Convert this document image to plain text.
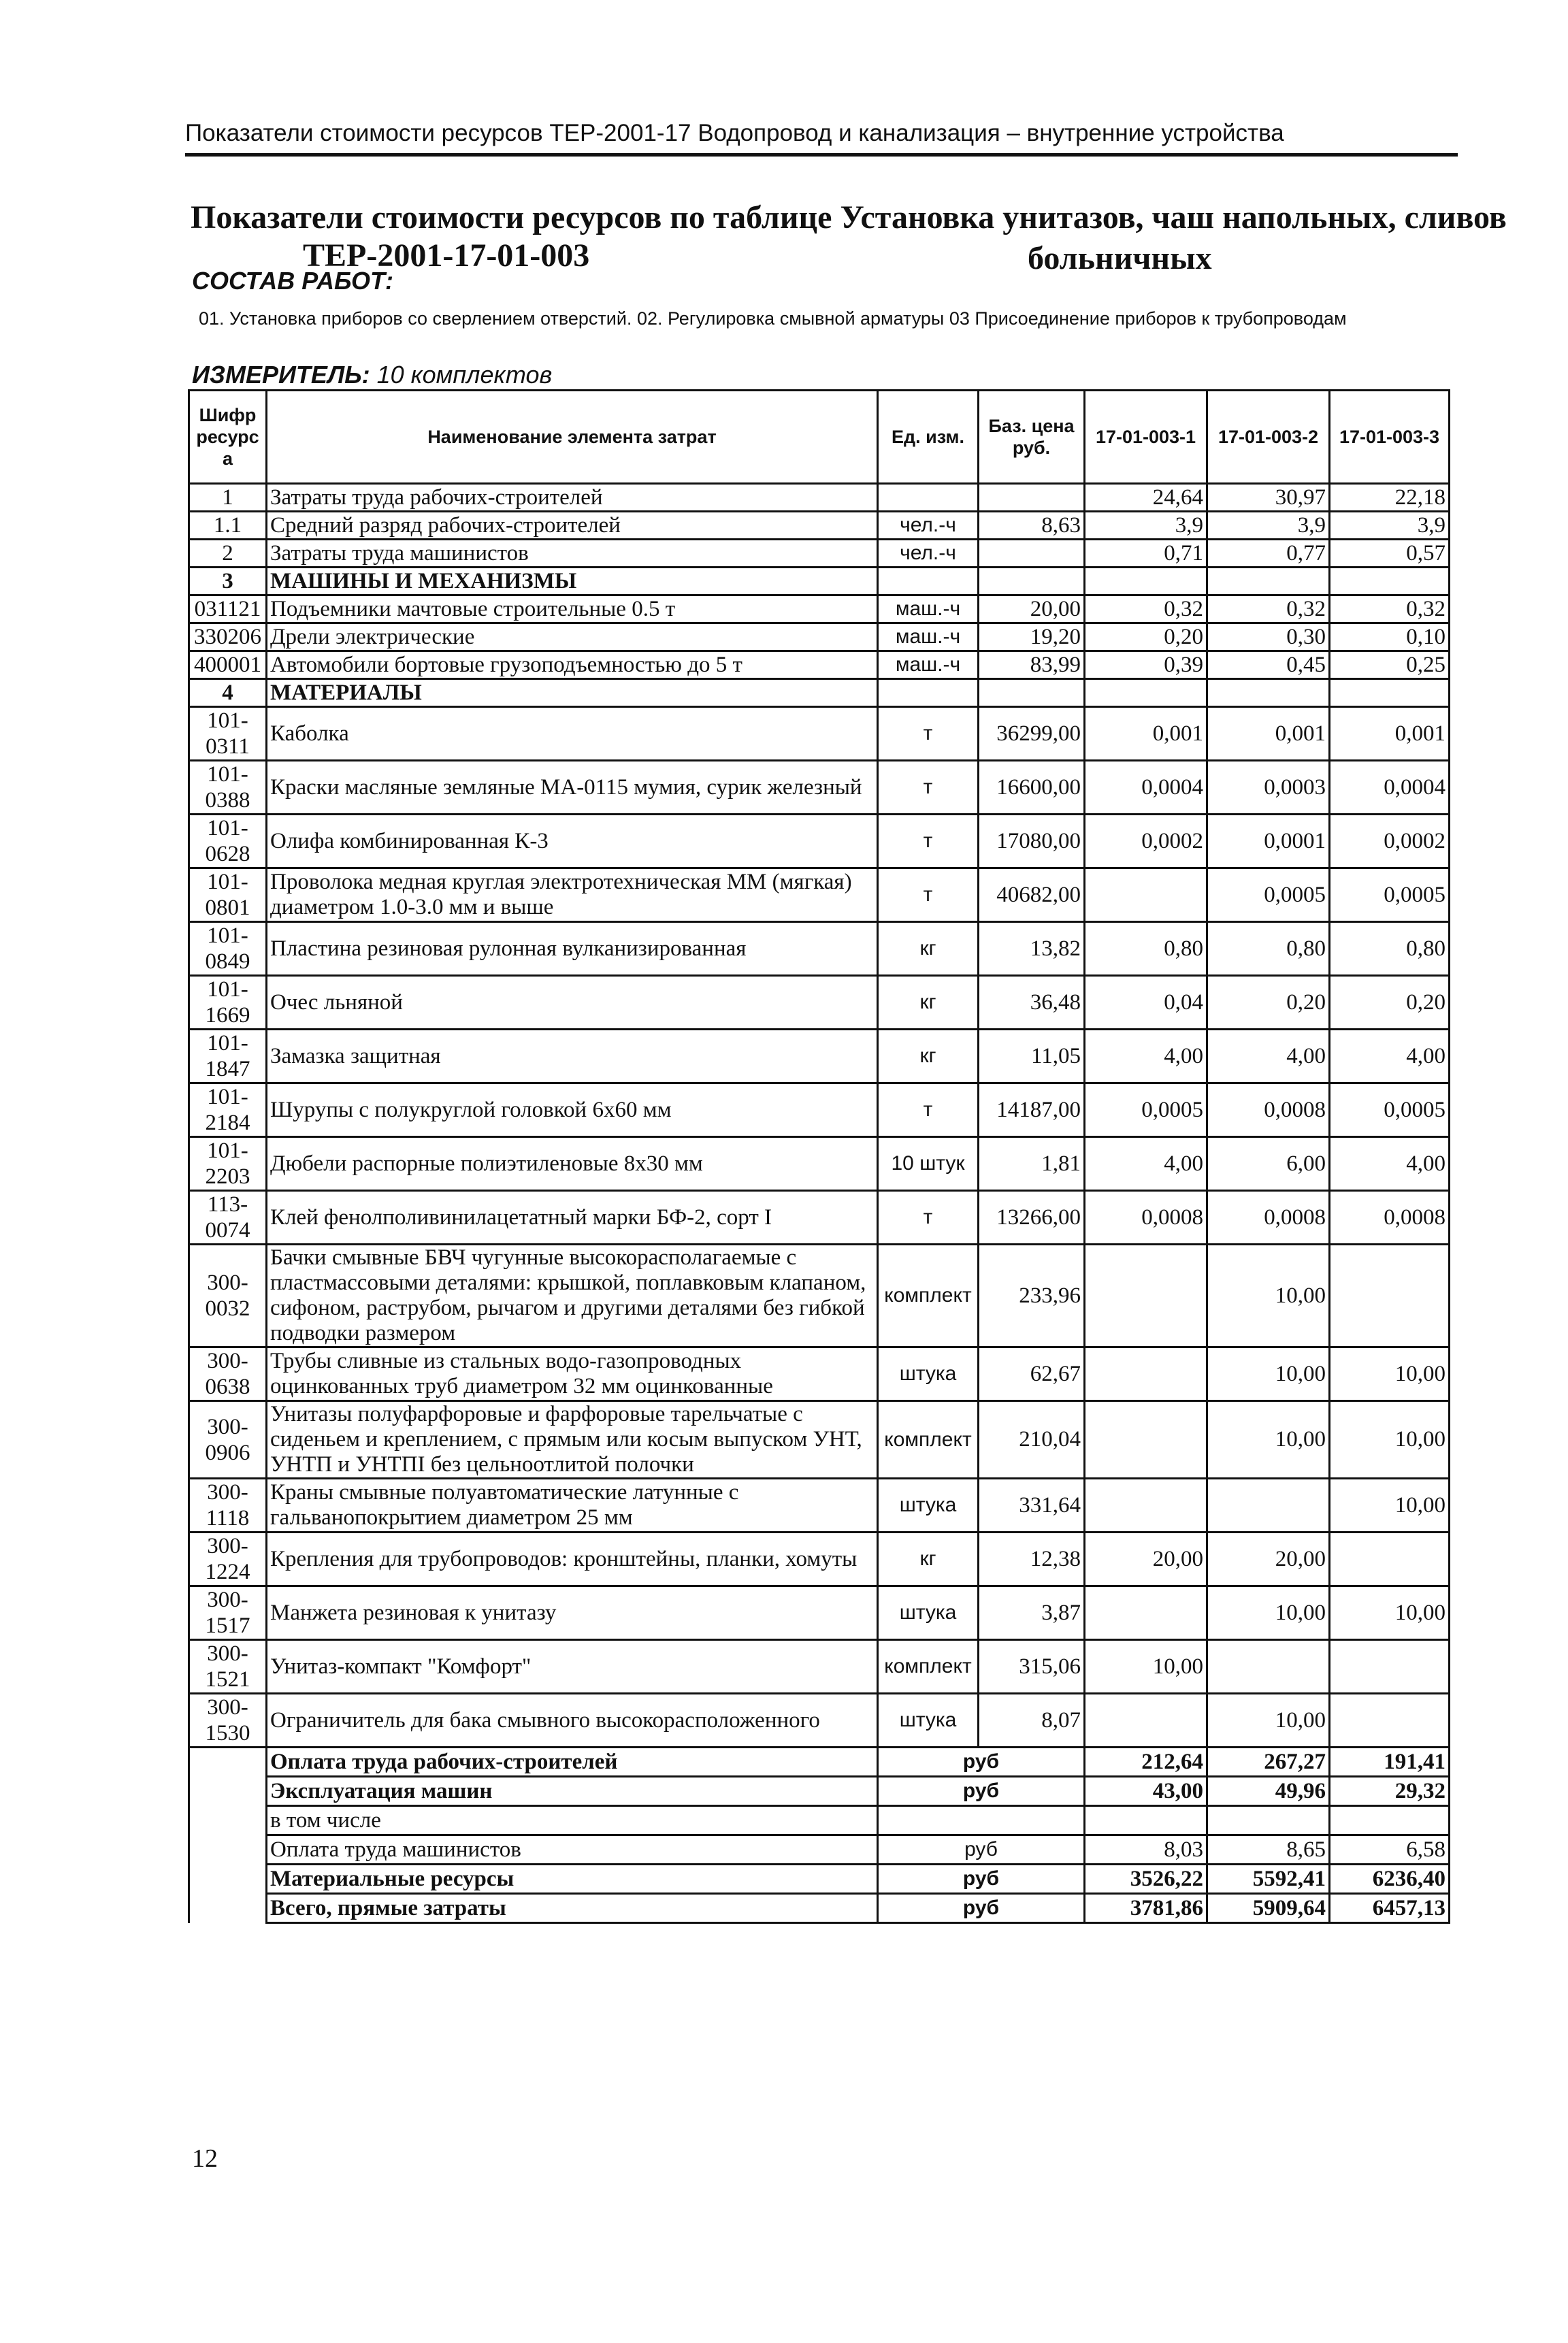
Показатели стоимости ресурсов ТЕР-2001-17 Водопровод и канализация – внутренние устройства
Показатели стоимости ресурсов по таблице Установка унитазов, чаш напольных, сливов
ТЕР-2001-17-01-003	больничных
СОСТАВ РАБОТ:
01. Установка приборов со сверлением отверстий. 02. Регулировка смывной арматуры 03 Присоединение приборов к трубопроводам
ИЗМЕРИТЕЛЬ: 10 комплектов
Шифр ресурс а	Наименование элемента затрат	Ед. изм.	Баз. цена руб.	17-01-003-1	17-01-003-2	17-01-003-3
1	Затраты труда рабочих-строителей			24,64	30,97	22,18
1.1	Средний разряд рабочих-строителей	чел.-ч	8,63	3,9	3,9	3,9
2	Затраты труда машинистов	чел.-ч		0,71	0,77	0,57
3	МАШИНЫ И МЕХАНИЗМЫ					
031121	Подъемники мачтовые строительные 0.5 т	маш.-ч	20,00	0,32	0,32	0,32
330206	Дрели электрические	маш.-ч	19,20	0,20	0,30	0,10
400001	Автомобили бортовые грузоподъемностью до 5 т	маш.-ч	83,99	0,39	0,45	0,25
4	МАТЕРИАЛЫ					
101-0311	Каболка	т	36299,00	0,001	0,001	0,001
101-0388	Краски масляные земляные МА-0115 мумия, сурик железный	т	16600,00	0,0004	0,0003	0,0004
101-0628	Олифа комбинированная К-3	т	17080,00	0,0002	0,0001	0,0002
101-0801	Проволока медная круглая электротехническая ММ (мягкая) диаметром 1.0-3.0 мм и выше	т	40682,00		0,0005	0,0005
101-0849	Пластина резиновая рулонная вулканизированная	кг	13,82	0,80	0,80	0,80
101-1669	Очес льняной	кг	36,48	0,04	0,20	0,20
101-1847	Замазка защитная	кг	11,05	4,00	4,00	4,00
101-2184	Шурупы с полукруглой головкой 6х60 мм	т	14187,00	0,0005	0,0008	0,0005
101-2203	Дюбели распорные полиэтиленовые 8х30 мм	10 штук	1,81	4,00	6,00	4,00
113-0074	Клей фенолполивинилацетатный марки БФ-2, сорт I	т	13266,00	0,0008	0,0008	0,0008
300-0032	Бачки смывные БВЧ чугунные высокорасполагаемые с пластмассовыми деталями: крышкой, поплавковым клапаном, сифоном, раструбом, рычагом и другими деталями без гибкой подводки размером	комплект	233,96		10,00	
300-0638	Трубы сливные из стальных водо-газопроводных оцинкованных труб диаметром 32 мм оцинкованные	штука	62,67		10,00	10,00
300-0906	Унитазы полуфарфоровые и фарфоровые тарельчатые с сиденьем и креплением, с прямым или косым выпуском УНТ, УНТП и УНТПI без цельноотлитой полочки	комплект	210,04		10,00	10,00
300-1118	Краны смывные полуавтоматические латунные с гальванопокрытием диаметром 25 мм	штука	331,64			10,00
300-1224	Крепления для трубопроводов: кронштейны, планки, хомуты	кг	12,38	20,00	20,00	
300-1517	Манжета резиновая к унитазу	штука	3,87		10,00	10,00
300-1521	Унитаз-компакт "Комфорт"	комплект	315,06	10,00		
300-1530	Ограничитель для бака смывного высокорасположенного	штука	8,07		10,00	
	Оплата труда рабочих-строителей	руб		212,64	267,27	191,41
	Эксплуатация машин	руб		43,00	49,96	29,32
	в том числе					
	Оплата труда машинистов	руб		8,03	8,65	6,58
	Материальные ресурсы	руб		3526,22	5592,41	6236,40
	Всего, прямые затраты	руб		3781,86	5909,64	6457,13
12
